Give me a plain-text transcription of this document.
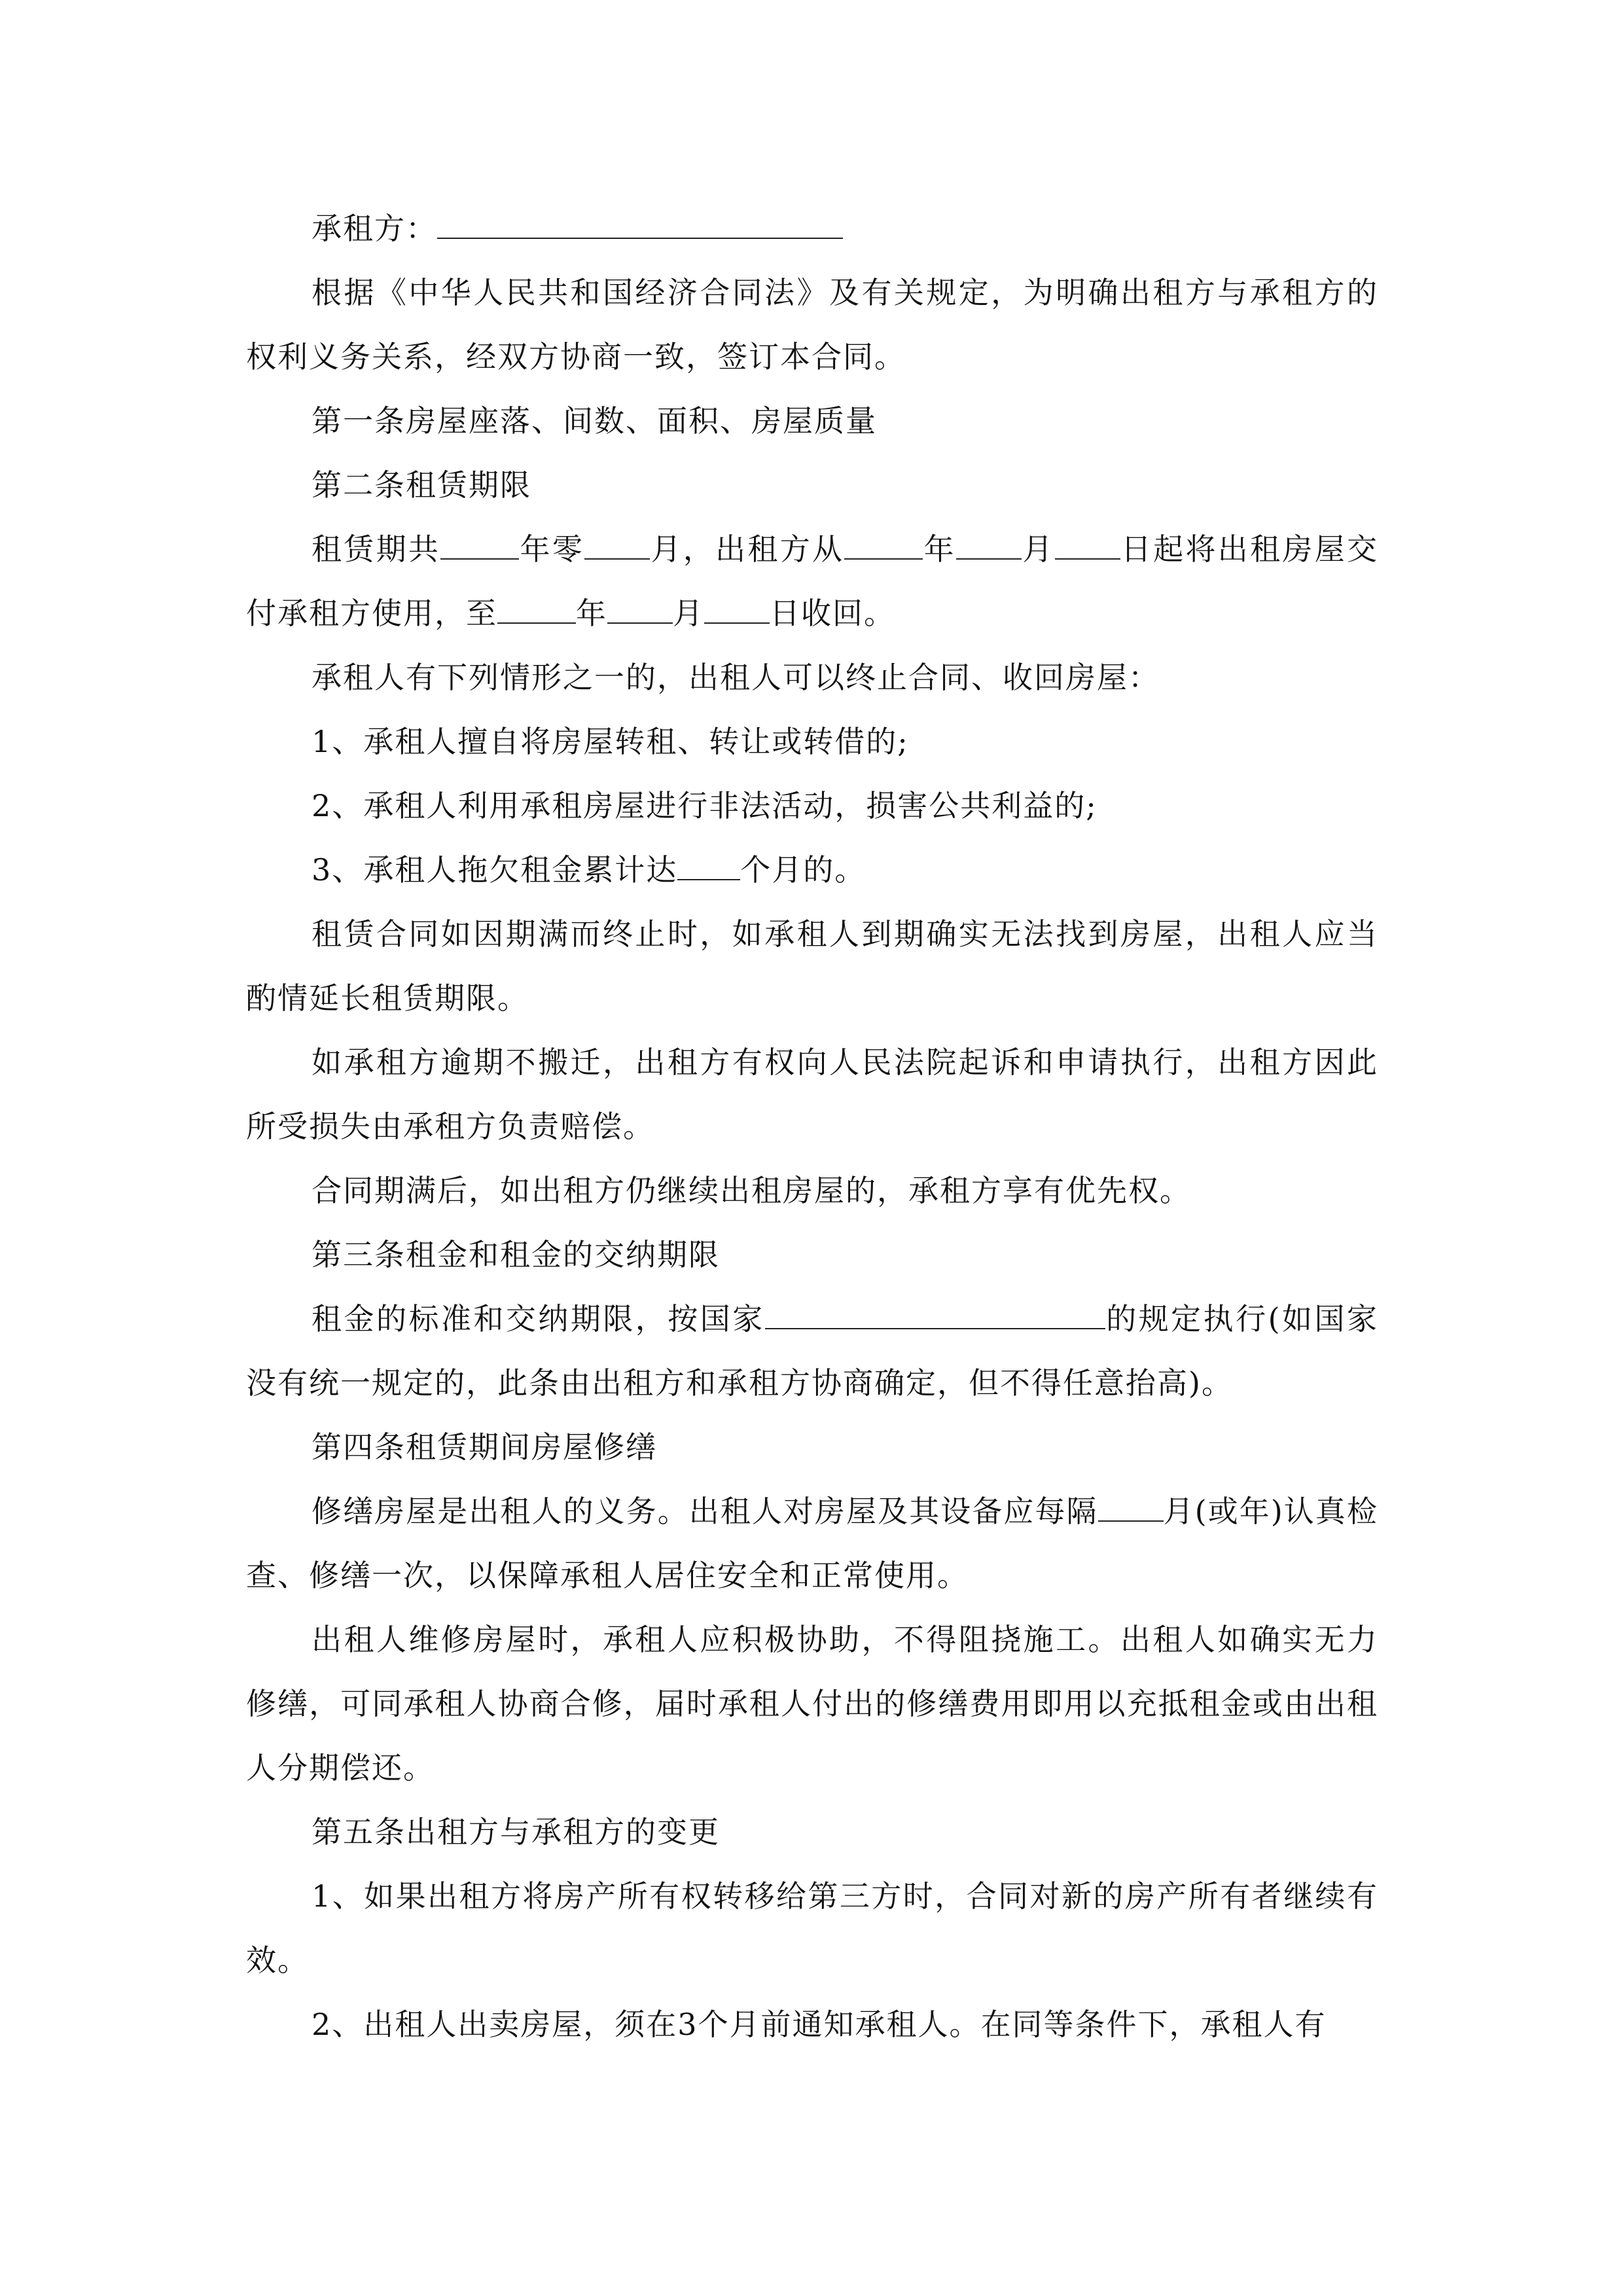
承租方：

根据《中华人民共和国经济合同法》及有关规定，为明确出租方与承租方的权利义务关系，经双方协商一致，签订本合同。

第一条房屋座落、间数、面积、房屋质量

第二条租赁期限

租赁期共	年零 月，出租方从	年 月 日起将出租房屋交付承租方使用，至	年 月 日收回。

承租人有下列情形之一的，出租人可以终止合同、收回房屋：

1、承租人擅自将房屋转租、转让或转借的;

2、承租人利用承租房屋进行非法活动，损害公共利益的;

3、承租人拖欠租金累计达 个月的。

租赁合同如因期满而终止时，如承租人到期确实无法找到房屋，出租人应当酌情延长租赁期限。

如承租方逾期不搬迁，出租方有权向人民法院起诉和申请执行，出租方因此所受损失由承租方负责赔偿。

合同期满后，如出租方仍继续出租房屋的，承租方享有优先权。

第三条租金和租金的交纳期限

租金的标准和交纳期限，按国家	的规定执行(如国家没有统一规定的，此条由出租方和承租方协商确定，但不得任意抬高)。

第四条租赁期间房屋修缮

修缮房屋是出租人的义务。出租人对房屋及其设备应每隔 月(或年)认真检查、修缮一次，以保障承租人居住安全和正常使用。

出租人维修房屋时，承租人应积极协助，不得阻挠施工。出租人如确实无力修缮，可同承租人协商合修，届时承租人付出的修缮费用即用以充抵租金或由出租人分期偿还。

第五条出租方与承租方的变更

1、如果出租方将房产所有权转移给第三方时，合同对新的房产所有者继续有效。

2、出租人出卖房屋，须在3个月前通知承租人。在同等条件下，承租人有
